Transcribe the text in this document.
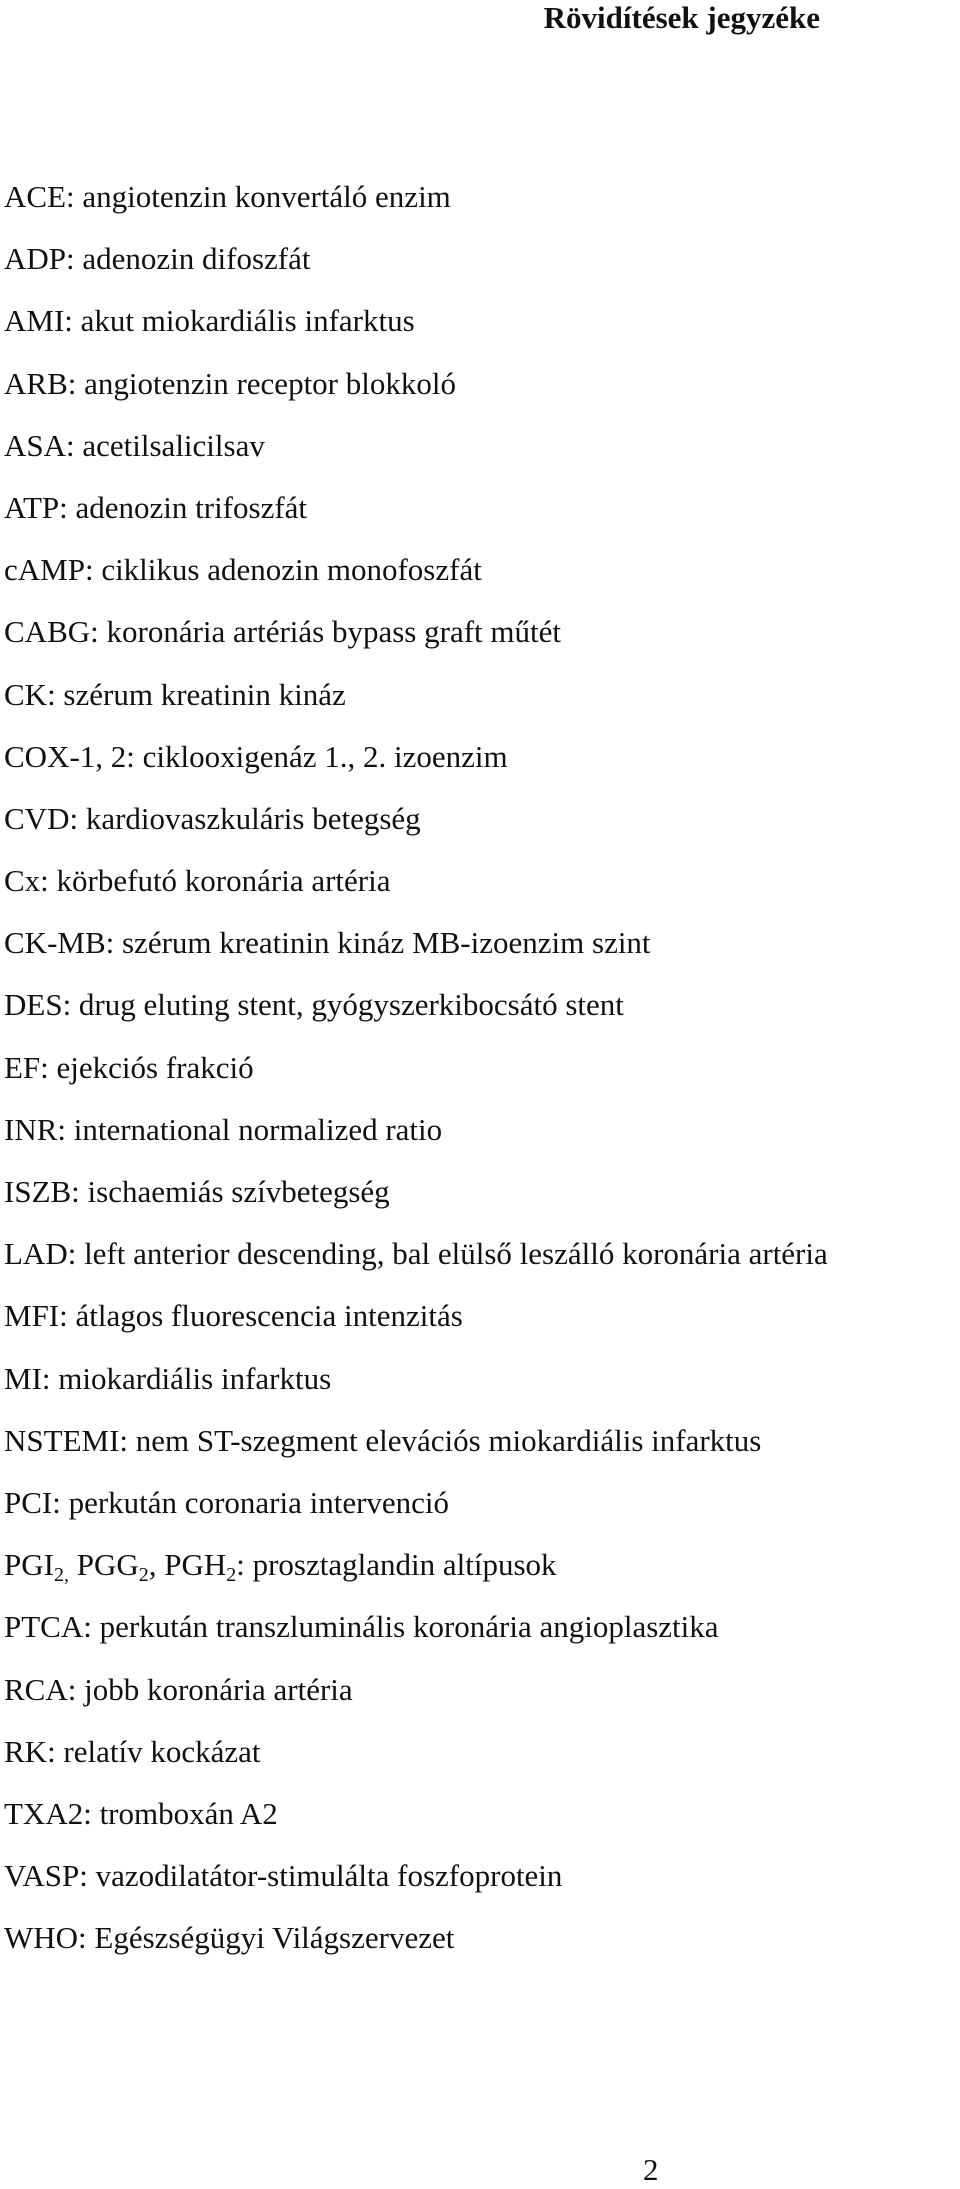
Rövidítések jegyzéke
ACE: angiotenzin konvertáló enzim
ADP: adenozin difoszfát
AMI: akut miokardiális infarktus
ARB: angiotenzin receptor blokkoló
ASA: acetilsalicilsav
ATP: adenozin trifoszfát
cAMP: ciklikus adenozin monofoszfát
CABG: koronária artériás bypass graft műtét
CK: szérum kreatinin kináz
COX-1, 2: ciklooxigenáz 1., 2. izoenzim
CVD: kardiovaszkuláris betegség
Cx: körbefutó koronária artéria
CK-MB: szérum kreatinin kináz MB-izoenzim szint
DES: drug eluting stent, gyógyszerkibocsátó stent
EF: ejekciós frakció
INR: international normalized ratio
ISZB: ischaemiás szívbetegség
LAD: left anterior descending, bal elülső leszálló koronária artéria
MFI: átlagos fluorescencia intenzitás
MI: miokardiális infarktus
NSTEMI: nem ST-szegment elevációs miokardiális infarktus
PCI: perkután coronaria intervenció
$PGI_{2,}$ $PGG_2$, $PGH_2$: prosztaglandin altípusok
PTCA: perkután transzluminális koronária angioplasztika
RCA: jobb koronária artéria
RK: relatív kockázat
TXA2: tromboxán A2
VASP: vazodilatátor-stimulálta foszfoprotein
WHO: Egészségügyi Világszervezet
2
